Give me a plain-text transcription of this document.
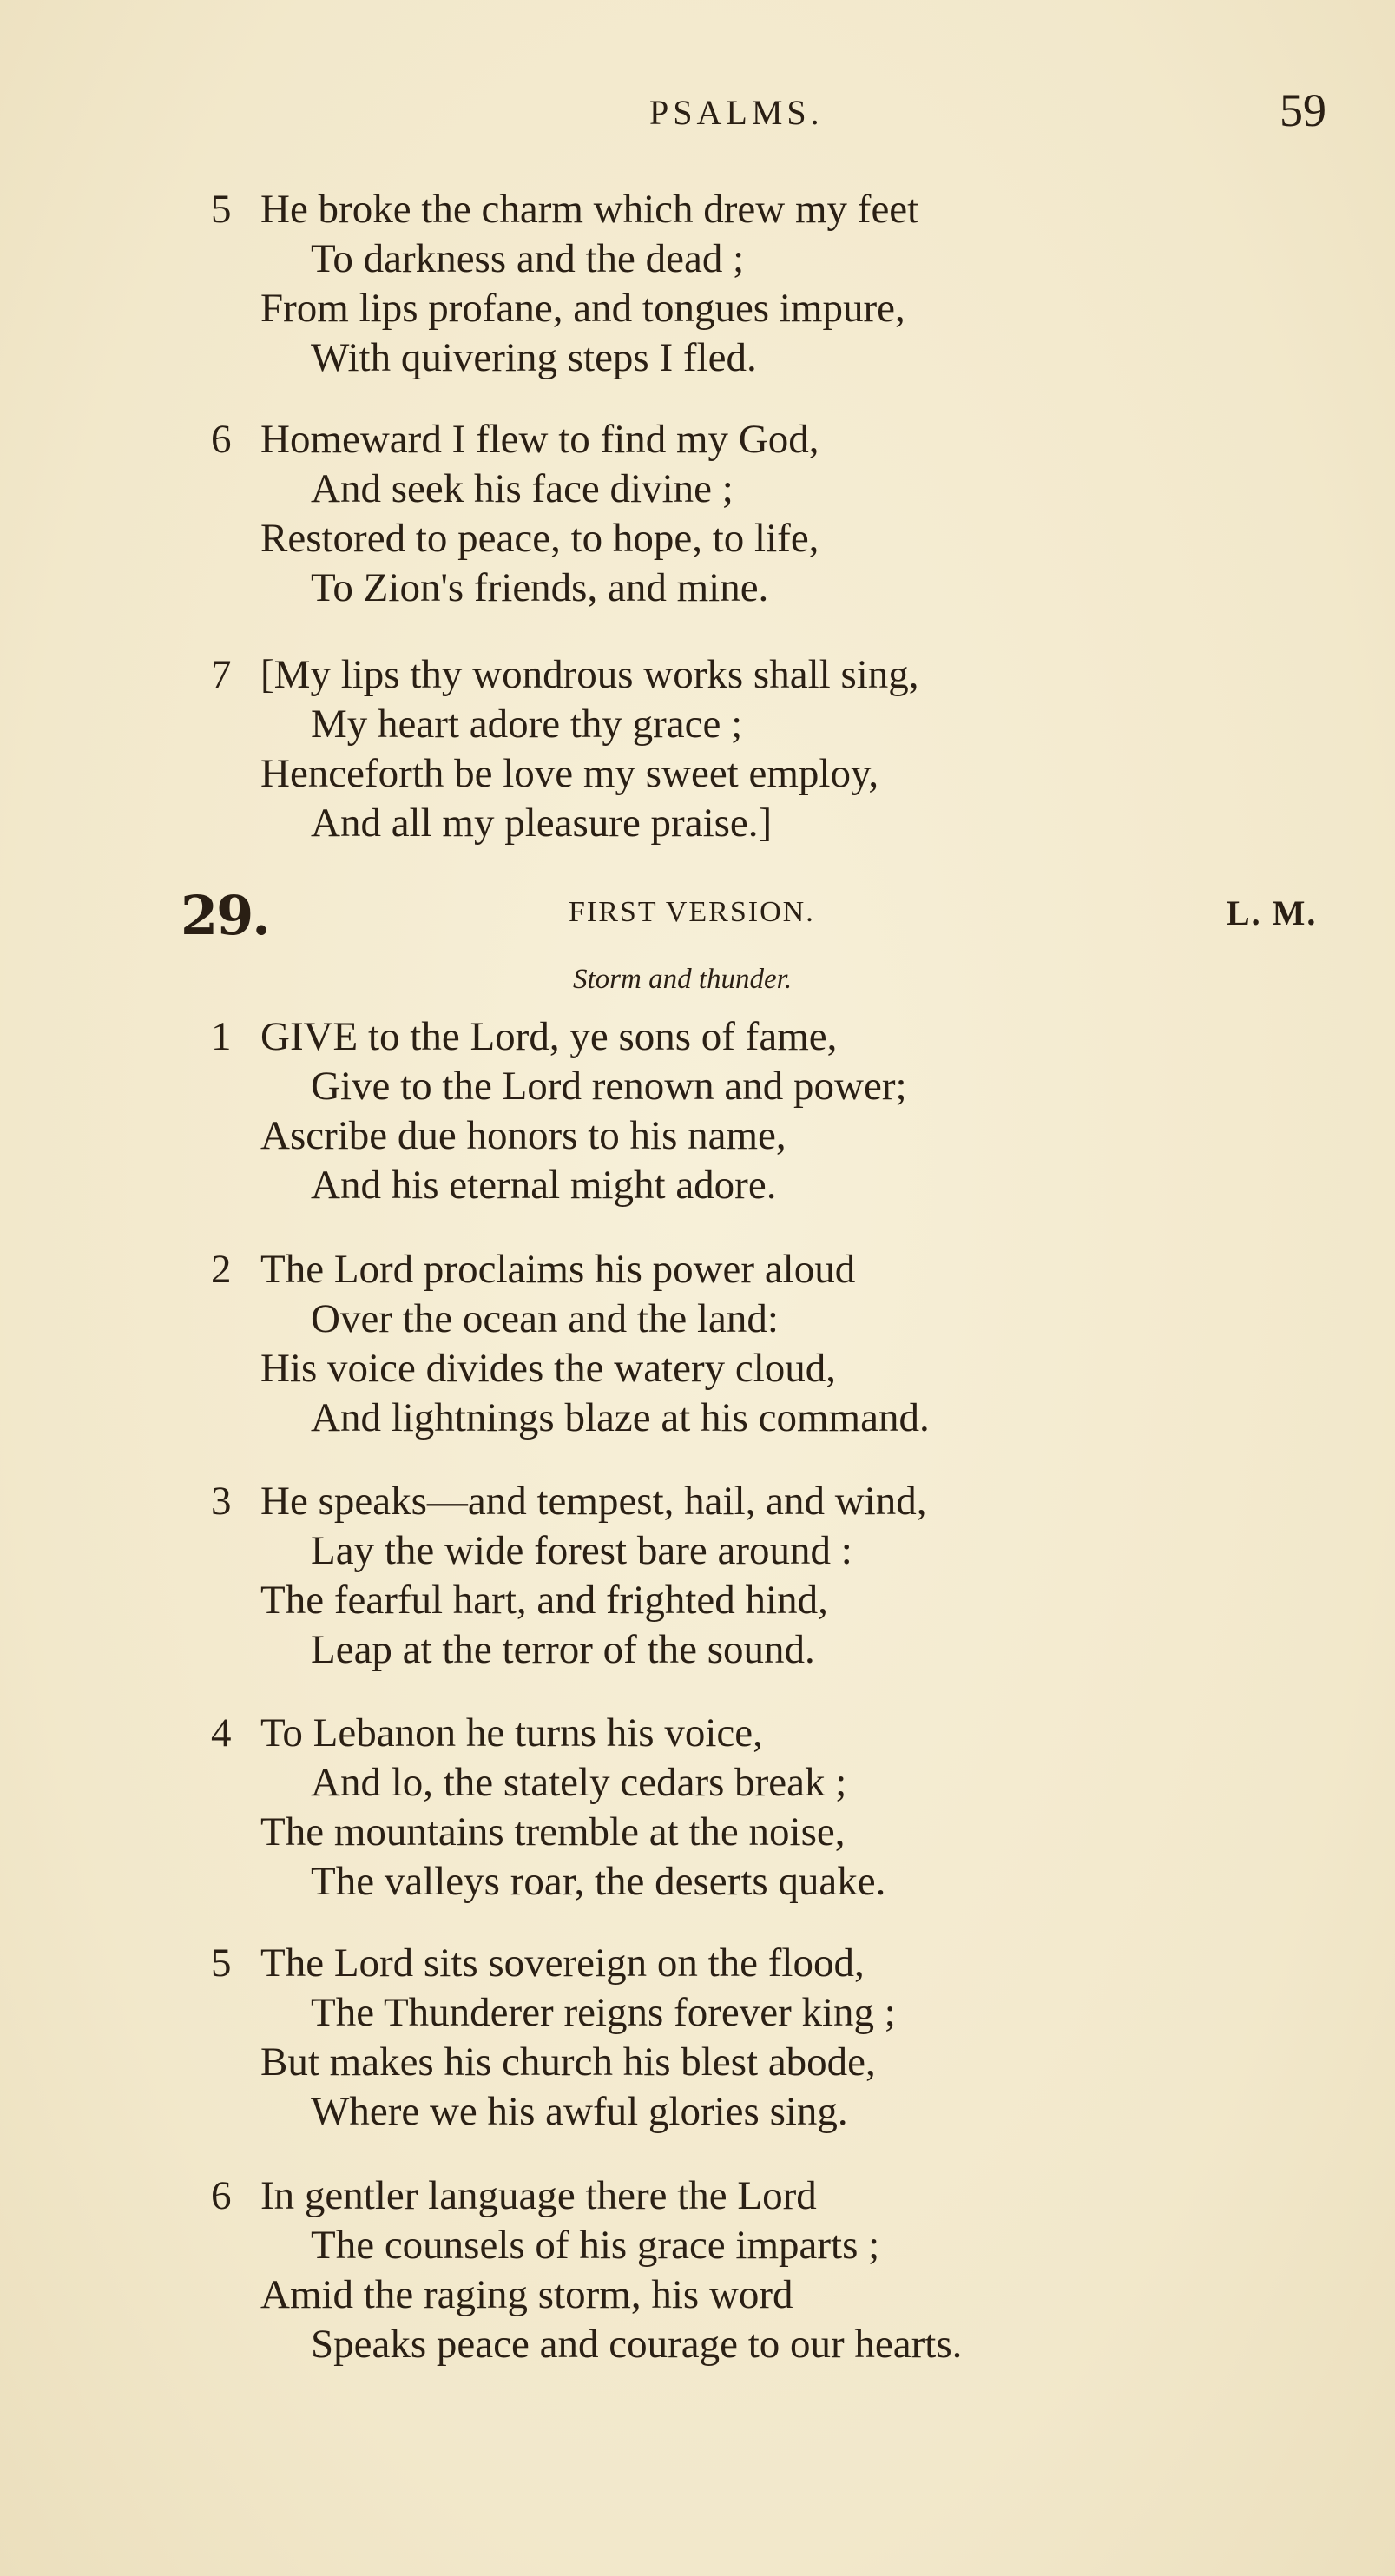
PSALMS.	59
5 He broke the charm which drew my feet
To darkness and the dead ;
From lips profane, and tongues impure,
With quivering steps I fled.
6 Homeward I flew to find my God,
And seek his face divine ;
Restored to peace, to hope, to life,
To Zion's friends, and mine.
7 [My lips thy wondrous works shall sing,
My heart adore thy grace ;
Henceforth be love my sweet employ,
And all my pleasure praise.]
29.	FIRST VERSION.	L. M.
Storm and thunder.
1 GIVE to the Lord, ye sons of fame,
Give to the Lord renown and power;
Ascribe due honors to his name,
And his eternal might adore.
2 The Lord proclaims his power aloud
Over the ocean and the land:
His voice divides the watery cloud,
And lightnings blaze at his command.
3 He speaks—and tempest, hail, and wind,
Lay the wide forest bare around :
The fearful hart, and frighted hind,
Leap at the terror of the sound.
4 To Lebanon he turns his voice,
And lo, the stately cedars break ;
The mountains tremble at the noise,
The valleys roar, the deserts quake.
5 The Lord sits sovereign on the flood,
The Thunderer reigns forever king ;
But makes his church his blest abode,
Where we his awful glories sing.
6 In gentler language there the Lord
The counsels of his grace imparts ;
Amid the raging storm, his word
Speaks peace and courage to our hearts.
